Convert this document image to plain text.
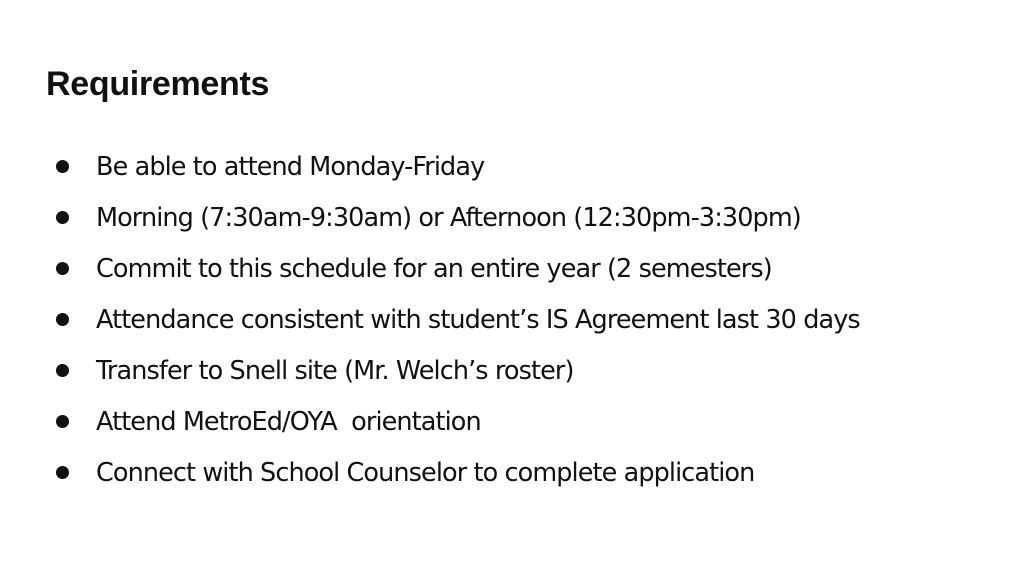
Requirements
Be able to attend Monday-Friday
Morning (7:30am-9:30am) or Afternoon (12:30pm-3:30pm)
Commit to this schedule for an entire year (2 semesters)
Attendance consistent with student’s IS Agreement last 30 days
Transfer to Snell site (Mr. Welch’s roster)
Attend MetroEd/OYA  orientation
Connect with School Counselor to complete application
